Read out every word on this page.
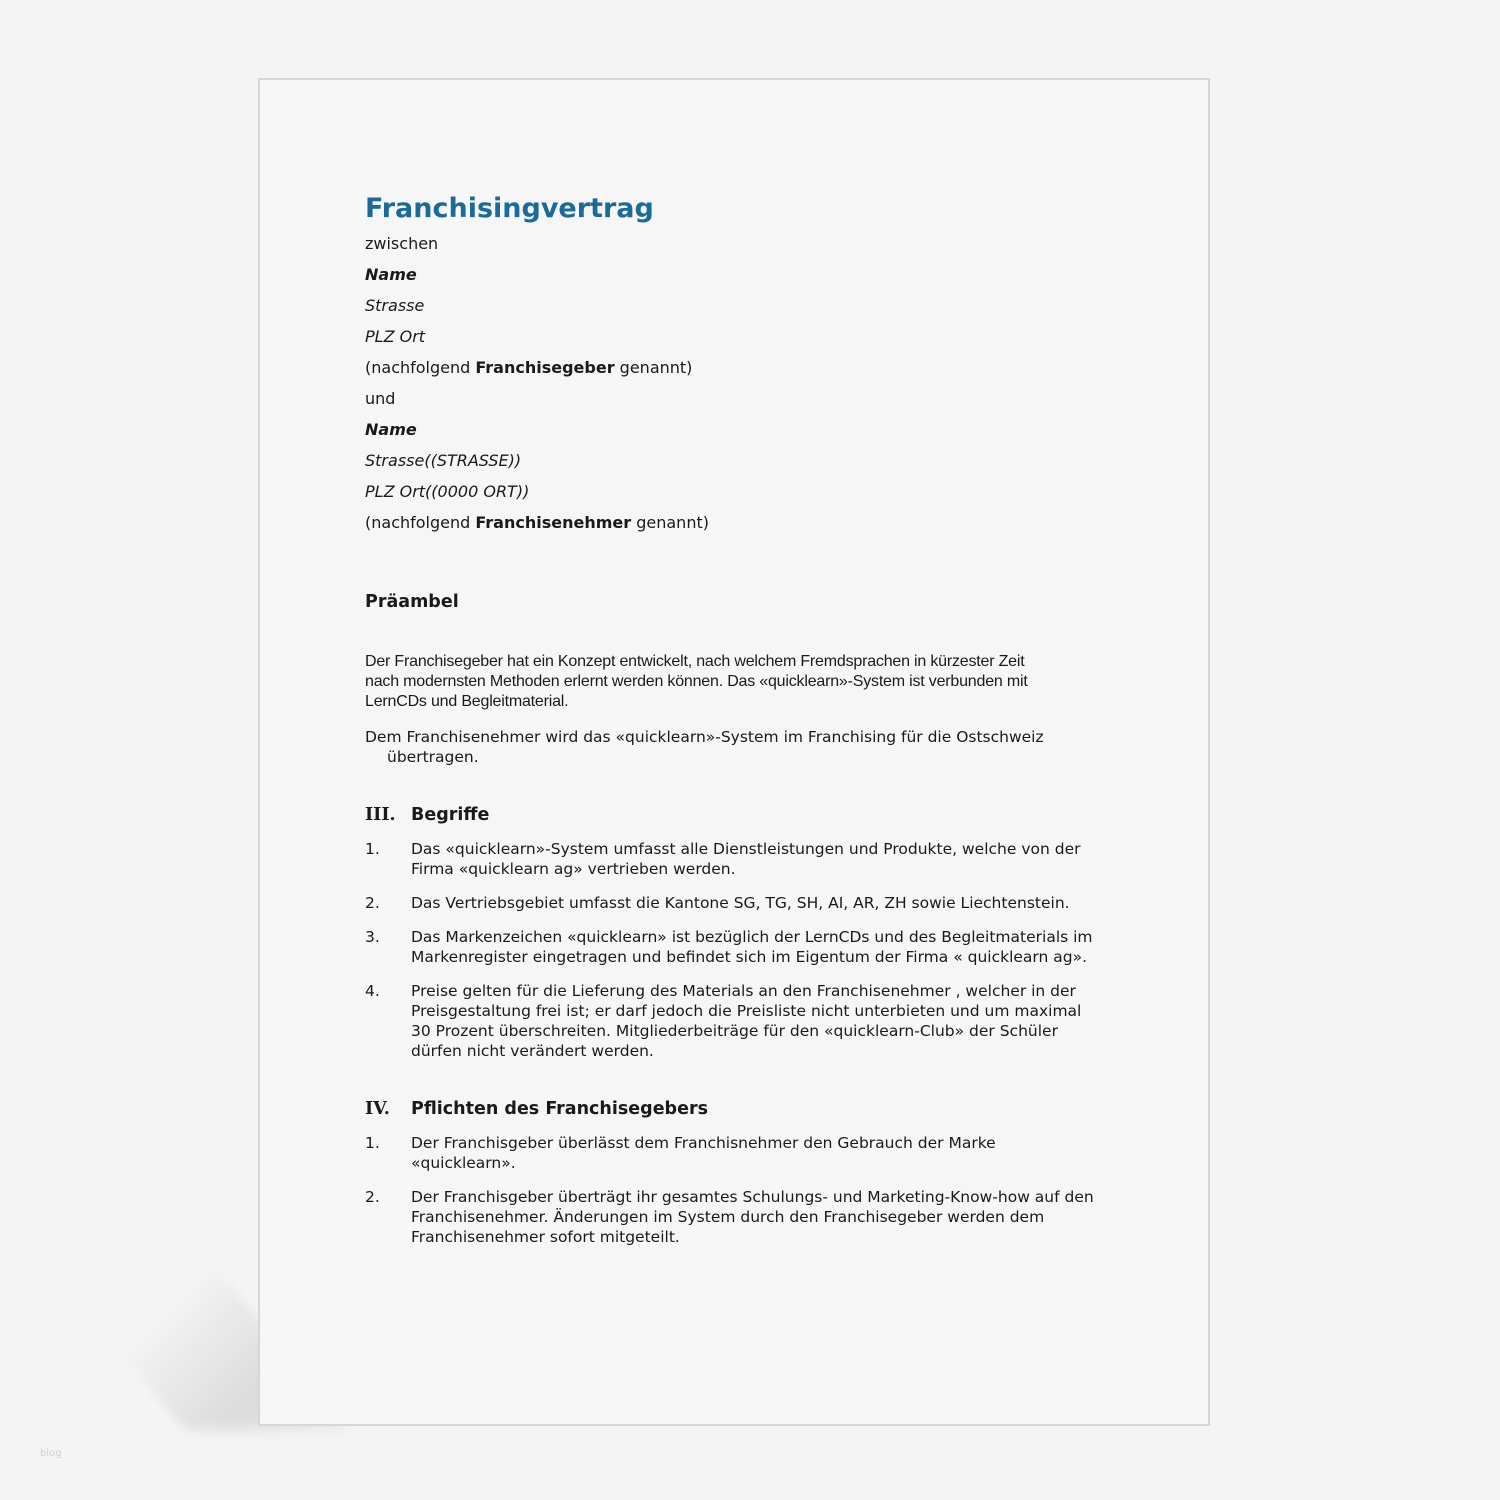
Franchisingvertrag
zwischen
Name
Strasse
PLZ Ort
(nachfolgend Franchisegeber genannt)
und
Name
Strasse((STRASSE))
PLZ Ort((0000 ORT))
(nachfolgend Franchisenehmer genannt)
Präambel

Der Franchisegeber hat ein Konzept entwickelt, nach welchem Fremdsprachen in kürzester Zeit
nach modernsten Methoden erlernt werden können. Das «quicklearn»-System ist verbunden mit
LernCDs und Begleitmaterial.

Dem Franchisenehmer wird das «quicklearn»-System im Franchising für die Ostschweiz
übertragen.

III. Begriffe
1.	Das «quicklearn»-System umfasst alle Dienstleistungen und Produkte, welche von der Firma «quicklearn ag» vertrieben werden.
2.	Das Vertriebsgebiet umfasst die Kantone SG, TG, SH, AI, AR, ZH sowie Liechtenstein.
3.	Das Markenzeichen «quicklearn» ist bezüglich der LernCDs und des Begleitmaterials im Markenregister eingetragen und befindet sich im Eigentum der Firma « quicklearn ag».
4.	Preise gelten für die Lieferung des Materials an den Franchisenehmer , welcher in der Preisgestaltung frei ist; er darf jedoch die Preisliste nicht unterbieten und um maximal 30 Prozent überschreiten. Mitgliederbeiträge für den «quicklearn-Club» der Schüler dürfen nicht verändert werden.
IV.	Pflichten des Franchisegebers
1.	Der Franchisgeber überlässt dem Franchisnehmer den Gebrauch der Marke «quicklearn».
2.	Der Franchisgeber überträgt ihr gesamtes Schulungs- und Marketing-Know-how auf den Franchisenehmer. Änderungen im System durch den Franchisegeber werden dem Franchisenehmer sofort mitgeteilt.
blog
